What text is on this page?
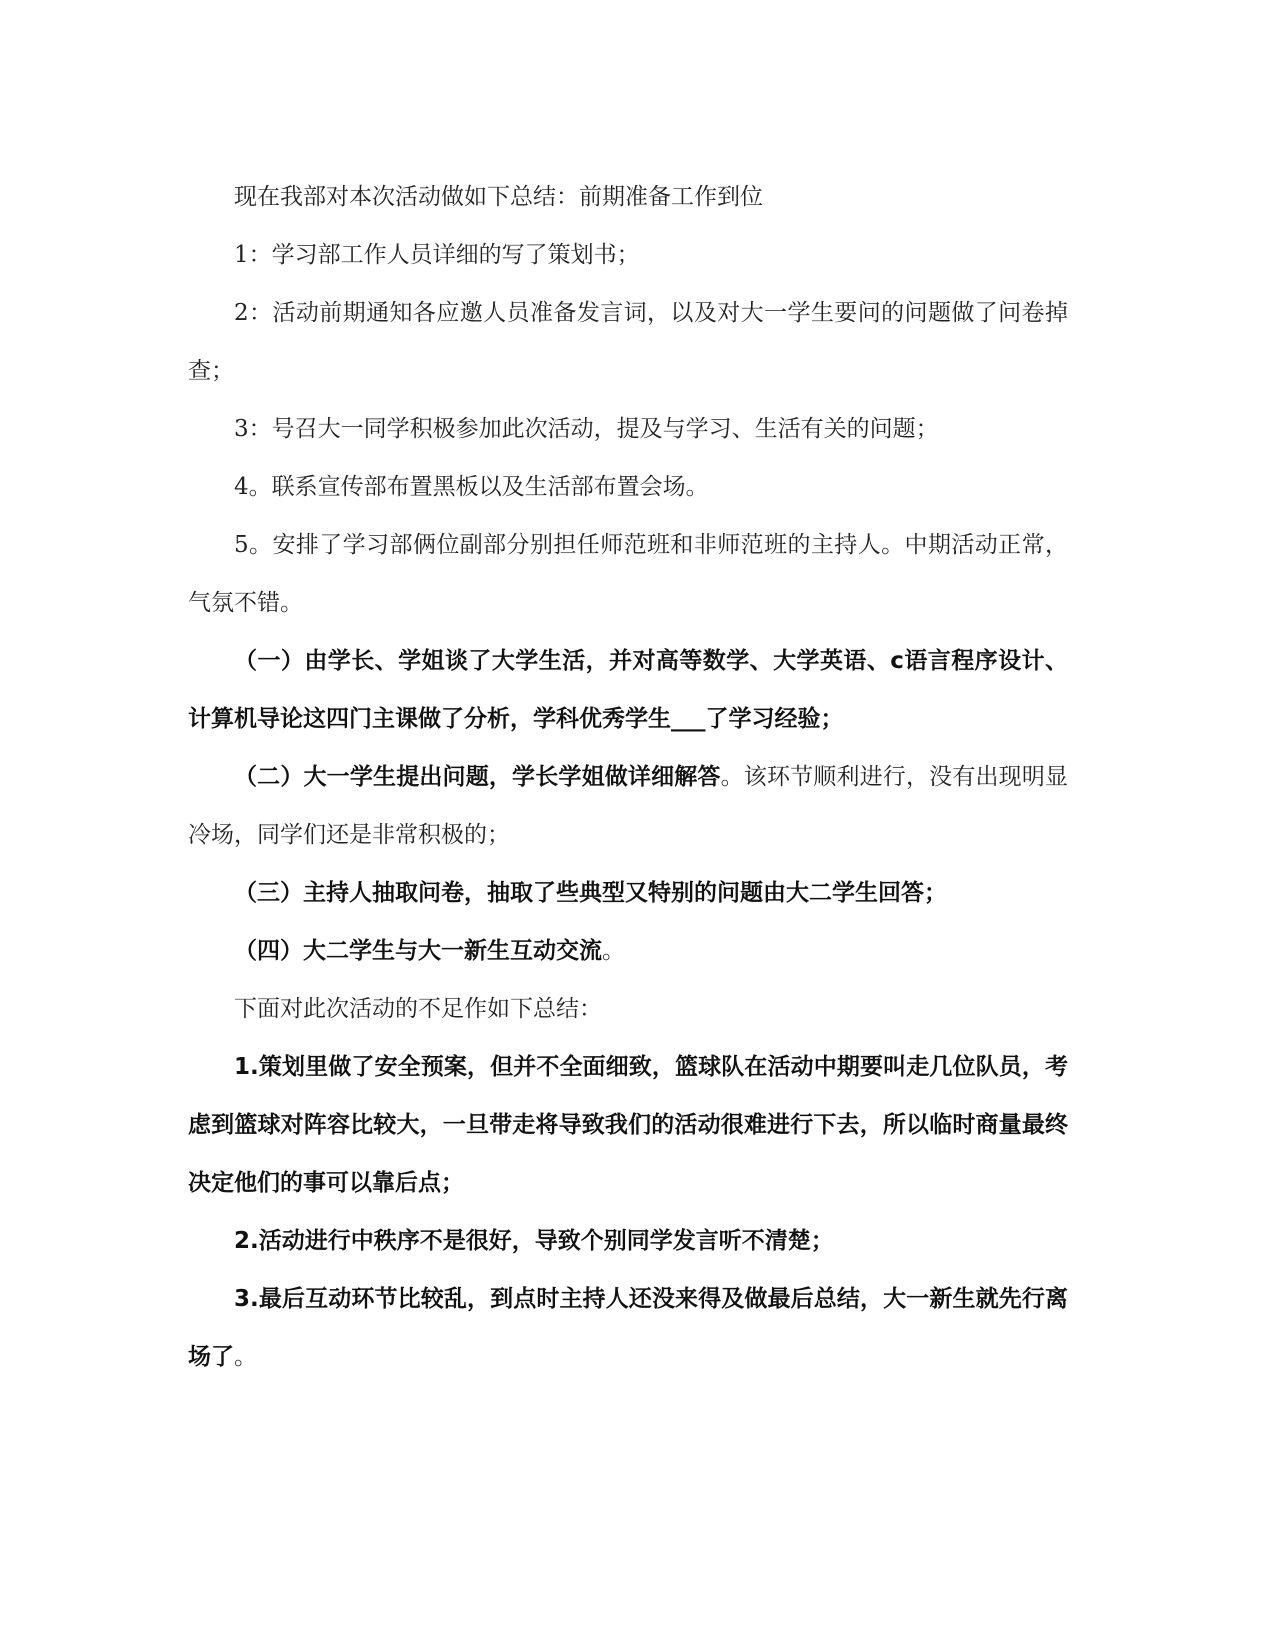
现在我部对本次活动做如下总结：前期准备工作到位

1：学习部工作人员详细的写了策划书；

2：活动前期通知各应邀人员准备发言词，以及对大一学生要问的问题做了问卷掉查；

3：号召大一同学积极参加此次活动，提及与学习、生活有关的问题；

4。联系宣传部布置黑板以及生活部布置会场。

5。安排了学习部俩位副部分别担任师范班和非师范班的主持人。中期活动正常，气氛不错。

（一）由学长、学姐谈了大学生活，并对高等数学、大学英语、c语言程序设计、计算机导论这四门主课做了分析，学科优秀学生___了学习经验；

（二）大一学生提出问题，学长学姐做详细解答。该环节顺利进行，没有出现明显冷场，同学们还是非常积极的；

（三）主持人抽取问卷，抽取了些典型又特别的问题由大二学生回答；

（四）大二学生与大一新生互动交流。

下面对此次活动的不足作如下总结：

1.策划里做了安全预案，但并不全面细致，篮球队在活动中期要叫走几位队员，考虑到篮球对阵容比较大，一旦带走将导致我们的活动很难进行下去，所以临时商量最终决定他们的事可以靠后点；

2.活动进行中秩序不是很好，导致个别同学发言听不清楚；

3.最后互动环节比较乱，到点时主持人还没来得及做最后总结，大一新生就先行离场了。
